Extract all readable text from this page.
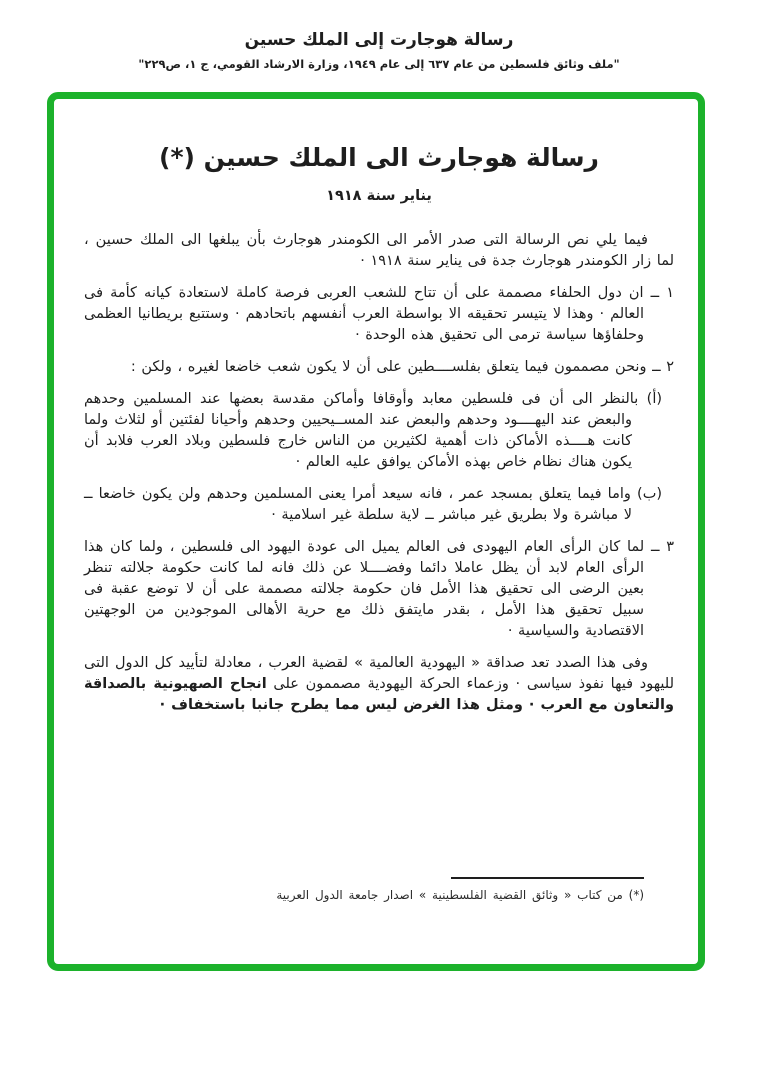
رسالة هوجارت إلى الملك حسين
"ملف وثائق فلسطين من عام ٦٣٧ إلى عام ١٩٤٩، وزارة الارشاد القومي، ج ١، ص٢٢٩"
رسالة هوجارث الى الملك حسين (*)
يناير سنة ١٩١٨

فيما يلي نص الرسالة التى صدر الأمر الى الكومندر هوجارث بأن يبلغها الى الملك حسين ، لما زار الكومندر هوجارث جدة فى يناير سنة ١٩١٨ ·

١ ــ ان دول الحلفاء مصممة على أن تتاح للشعب العربى فرصة كاملة لاستعادة كيانه كأمة فى العالم · وهذا لا يتيسر تحقيقه الا بواسطة العرب أنفسهم باتحادهم · وستتبع بريطانيا العظمى وحلفاؤها سياسة ترمى الى تحقيق هذه الوحدة ·

٢ ــ ونحن مصممون فيما يتعلق بفلســــطين على أن لا يكون شعب خاضعا لغيره ، ولكن :

(أ) بالنظر الى أن فى فلسطين معابد وأوقافا وأماكن مقدسة بعضها عند المسلمين وحدهم والبعض عند اليهــــود وحدهم والبعض عند المســيحيين وحدهم وأحيانا لفئتين أو لثلاث ولما كانت هــــذه الأماكن ذات أهمية لكثيرين من الناس خارج فلسطين وبلاد العرب فلابد أن يكون هناك نظام خاص بهذه الأماكن يوافق عليه العالم ·

(ب) واما فيما يتعلق بمسجد عمر ، فانه سيعد أمرا يعنى المسلمين وحدهم ولن يكون خاضعا ــ لا مباشرة ولا بطريق غير مباشر ــ لاية سلطة غير اسلامية ·

٣ ــ لما كان الرأى العام اليهودى فى العالم يميل الى عودة اليهود الى فلسطين ، ولما كان هذا الرأى العام لابد أن يظل عاملا دائما وفضــــلا عن ذلك فانه لما كانت حكومة جلالته تنظر بعين الرضى الى تحقيق هذا الأمل فان حكومة جلالته مصممة على أن لا توضع عقبة فى سبيل تحقيق هذا الأمل ، بقدر مايتفق ذلك مع حرية الأهالى الموجودين من الوجهتين الاقتصادية والسياسية ·

وفى هذا الصدد تعد صداقة « اليهودية العالمية » لقضية العرب ، معادلة لتأييد كل الدول التى لليهود فيها نفوذ سياسى · وزعماء الحركة اليهودية مصممون على انجاح الصهيونية بالصداقة والتعاون مع العرب · ومثل هذا الغرض ليس مما يطرح جانبا باستخفاف ·

(*) من كتاب « وثائق القضية الفلسطينية » اصدار جامعة الدول العربية
